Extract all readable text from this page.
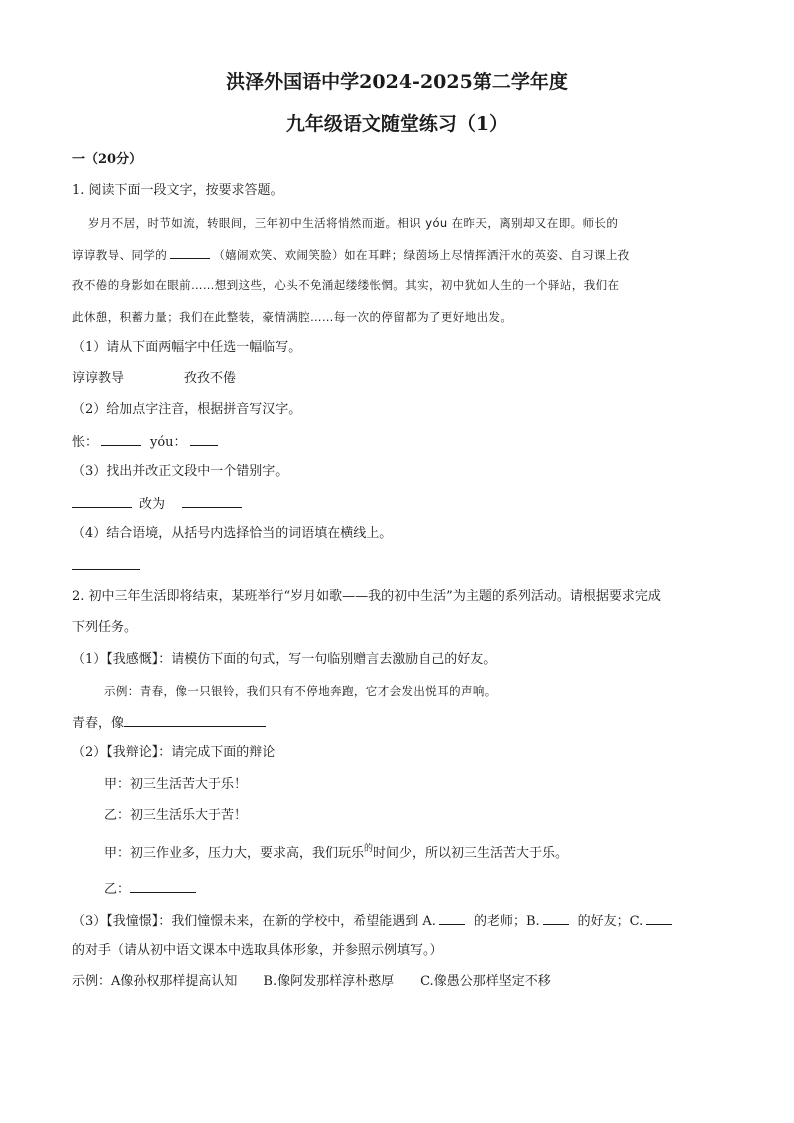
洪泽外国语中学2024-2025第二学年度
九年级语文随堂练习（1）
一（20分）
1. 阅读下面一段文字，按要求答题。
岁月不居，时节如流，转眼间，三年初中生活将悄然而逝。相识 yóu 在昨天，离别却又在即。师长的
谆谆教导、同学的	（嬉闹欢笑、欢闹笑脸）如在耳畔；绿茵场上尽情挥洒汗水的英姿、自习课上孜
孜不倦的身影如在眼前……想到这些，心头不免涌起缕缕怅惘。其实，初中犹如人生的一个驿站，我们在
此休憩，积蓄力量；我们在此整装，豪情满腔……每一次的停留都为了更好地出发。
（1）请从下面两幅字中任选一幅临写。
谆谆教导	孜孜不倦
（2）给加点字注音，根据拼音写汉字。
怅：	yóu：
（3）找出并改正文段中一个错别字。
改为
（4）结合语境，从括号内选择恰当的词语填在横线上。
2. 初中三年生活即将结束，某班举行“岁月如歌——我的初中生活”为主题的系列活动。请根据要求完成
下列任务。
（1）【我感慨】：请模仿下面的句式，写一句临别赠言去激励自己的好友。
示例：青春，像一只银铃，我们只有不停地奔跑，它才会发出悦耳的声响。
青春，像
（2）【我辩论】：请完成下面的辩论
甲：初三生活苦大于乐！
乙：初三生活乐大于苦！
甲：初三作业多，压力大，要求高，我们玩乐$^的$时间少，所以初三生活苦大于乐。
乙：
（3）【我憧憬】：我们憧憬未来，在新的学校中，希望能遇到 A.	的老师；B.	的好友；C.
的对手（请从初中语文课本中选取具体形象，并参照示例填写。）
示例：A像孙权那样提高认知　　B.像阿发那样淳朴憨厚　　C.像愚公那样坚定不移
